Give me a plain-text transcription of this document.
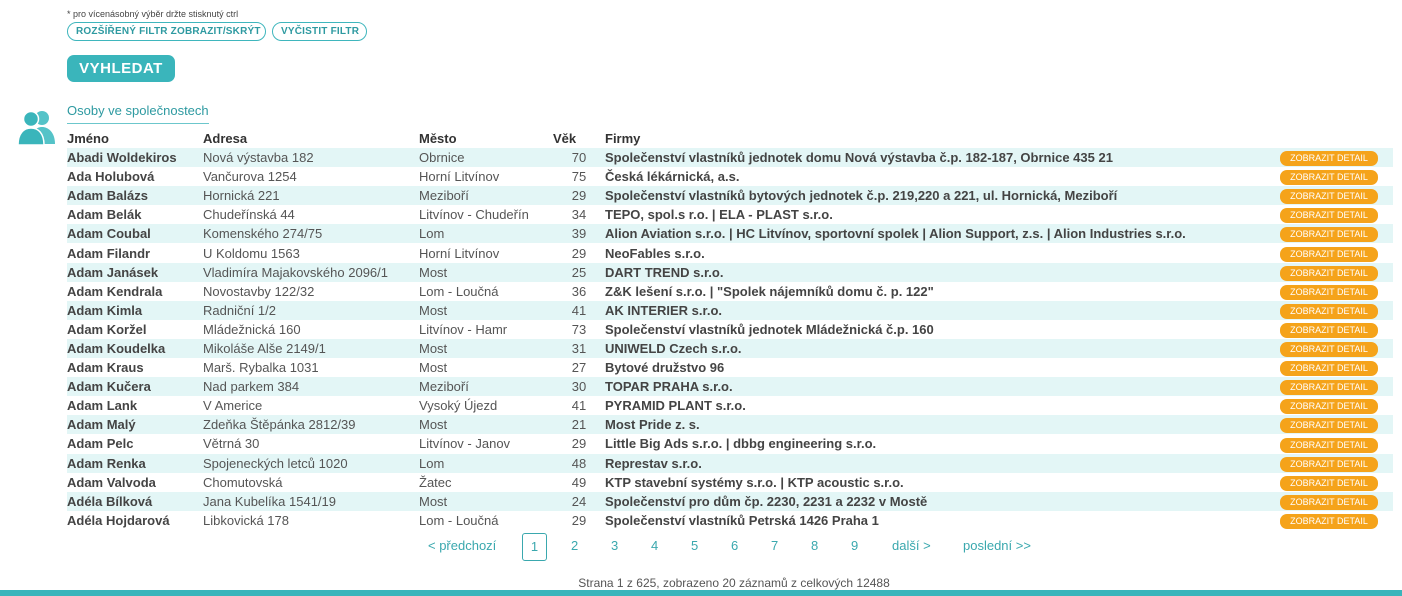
* pro vícenásobný výběr držte stisknutý ctrl
ROZŠÍŘENÝ FILTR ZOBRAZIT/SKRÝT	VYČISTIT FILTR
VYHLEDAT
Osoby ve společnostech
Jméno	Adresa	Město	Věk	Firmy	
Abadi Woldekiros	Nová výstavba 182	Obrnice	70	Společenství vlastníků jednotek domu Nová výstavba č.p. 182-187, Obrnice 435 21	ZOBRAZIT DETAIL
Ada Holubová	Vančurova 1254	Horní Litvínov	75	Česká lékárnická, a.s.	ZOBRAZIT DETAIL
Adam Balázs	Hornická 221	Meziboří	29	Společenství vlastníků bytových jednotek č.p. 219,220 a 221, ul. Hornická, Meziboří	ZOBRAZIT DETAIL
Adam Belák	Chudeřínská 44	Litvínov - Chudeřín	34	TEPO, spol.s r.o. | ELA - PLAST s.r.o.	ZOBRAZIT DETAIL
Adam Coubal	Komenského 274/75	Lom	39	Alion Aviation s.r.o. | HC Litvínov, sportovní spolek | Alion Support, z.s. | Alion Industries s.r.o.	ZOBRAZIT DETAIL
Adam Filandr	U Koldomu 1563	Horní Litvínov	29	NeoFables s.r.o.	ZOBRAZIT DETAIL
Adam Janásek	Vladimíra Majakovského 2096/1	Most	25	DART TREND s.r.o.	ZOBRAZIT DETAIL
Adam Kendrala	Novostavby 122/32	Lom - Loučná	36	Z&K lešení s.r.o. | "Spolek nájemníků domu č. p. 122"	ZOBRAZIT DETAIL
Adam Kimla	Radniční 1/2	Most	41	AK INTERIER s.r.o.	ZOBRAZIT DETAIL
Adam Koržel	Mládežnická 160	Litvínov - Hamr	73	Společenství vlastníků jednotek Mládežnická č.p. 160	ZOBRAZIT DETAIL
Adam Koudelka	Mikoláše Alše 2149/1	Most	31	UNIWELD Czech s.r.o.	ZOBRAZIT DETAIL
Adam Kraus	Marš. Rybalka 1031	Most	27	Bytové družstvo 96	ZOBRAZIT DETAIL
Adam Kučera	Nad parkem 384	Meziboří	30	TOPAR PRAHA s.r.o.	ZOBRAZIT DETAIL
Adam Lank	V Americe	Vysoký Újezd	41	PYRAMID PLANT s.r.o.	ZOBRAZIT DETAIL
Adam Malý	Zdeňka Štěpánka 2812/39	Most	21	Most Pride z. s.	ZOBRAZIT DETAIL
Adam Pelc	Větrná 30	Litvínov - Janov	29	Little Big Ads s.r.o. | dbbg engineering s.r.o.	ZOBRAZIT DETAIL
Adam Renka	Spojeneckých letců 1020	Lom	48	Represtav s.r.o.	ZOBRAZIT DETAIL
Adam Valvoda	Chomutovská	Žatec	49	KTP stavební systémy s.r.o. | KTP acoustic s.r.o.	ZOBRAZIT DETAIL
Adéla Bílková	Jana Kubelíka 1541/19	Most	24	Společenství pro dům čp. 2230, 2231 a 2232 v Mostě	ZOBRAZIT DETAIL
Adéla Hojdarová	Libkovická 178	Lom - Loučná	29	Společenství vlastníků Petrská 1426 Praha 1	ZOBRAZIT DETAIL
< předchozí	1	2	3	4	5	6	7	8	9	další > poslední >>
Strana 1 z 625, zobrazeno 20 záznamů z celkových 12488
